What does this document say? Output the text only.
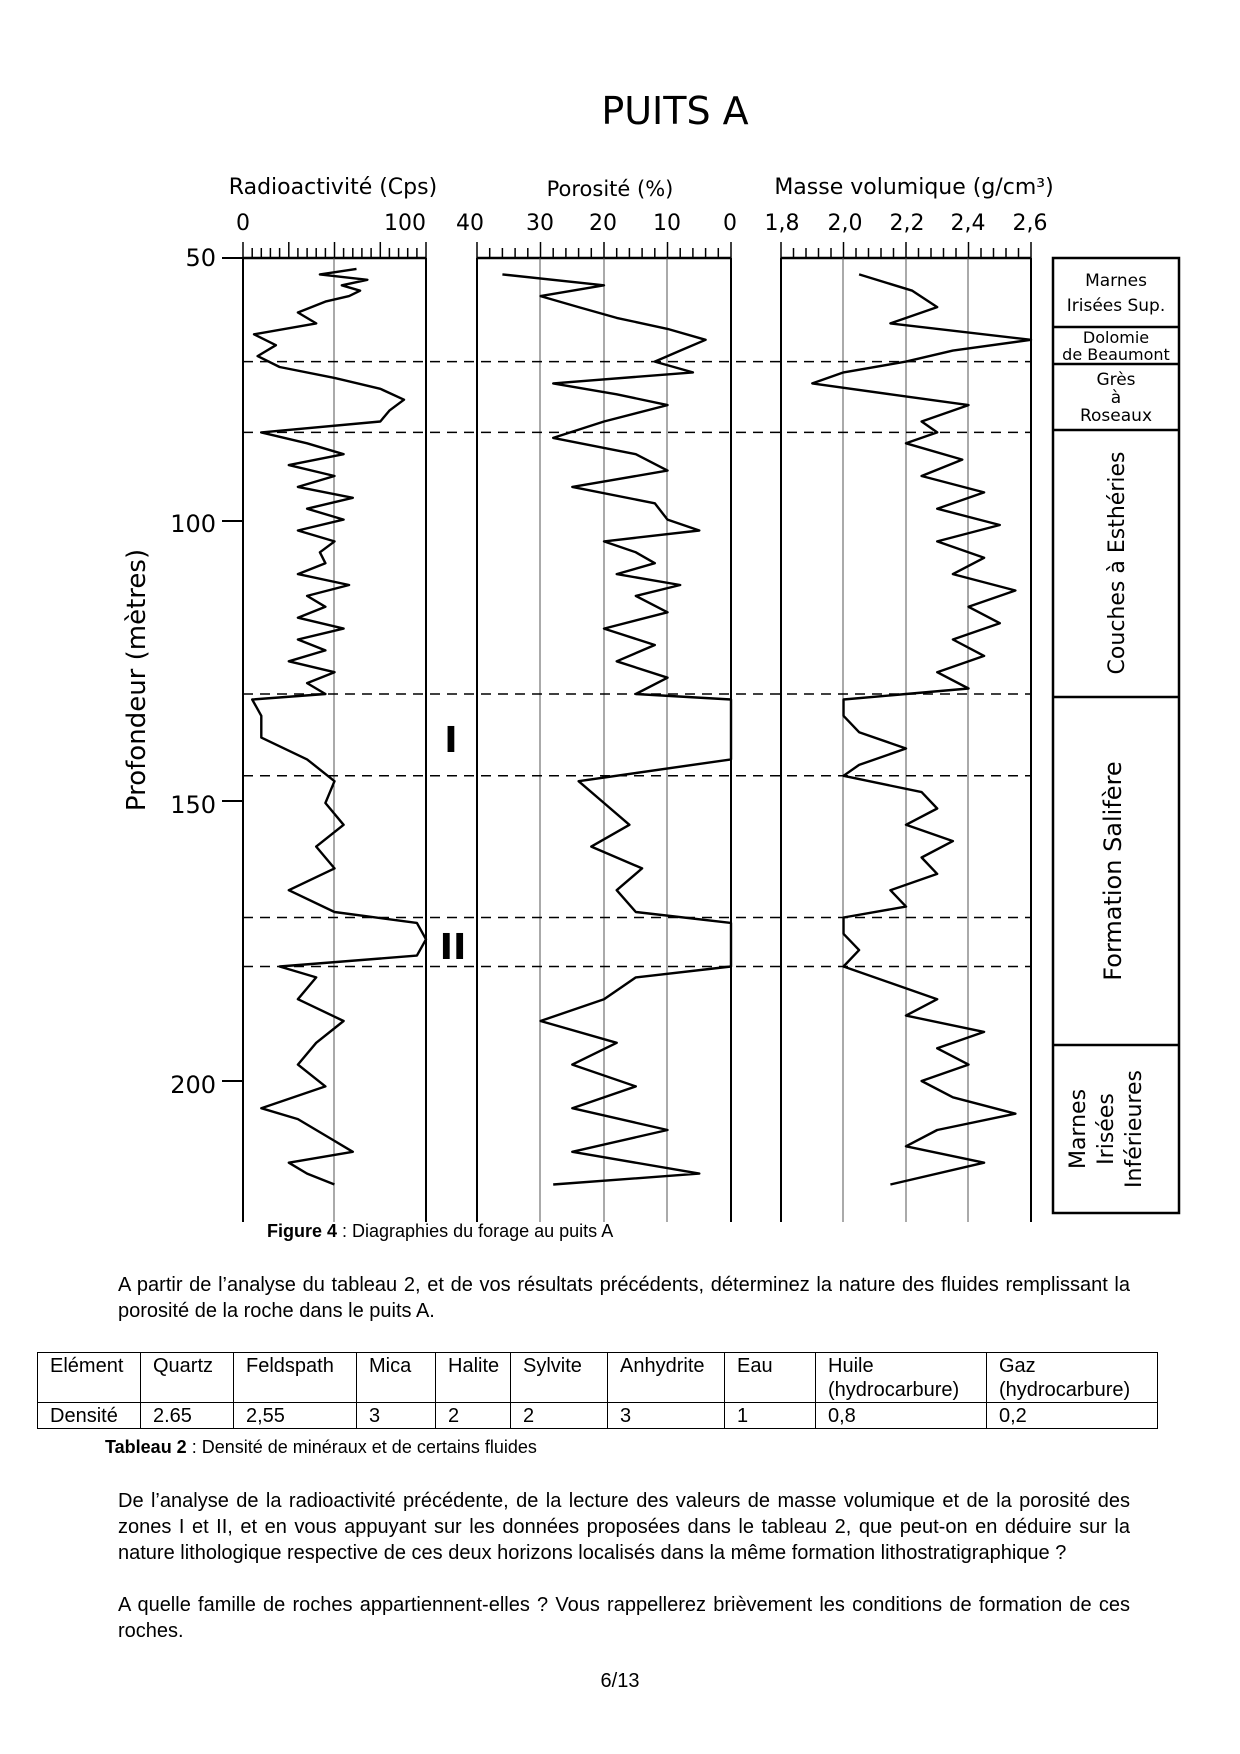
PUITS A
Radioactivité (Cps)	Porosité (%)	Masse volumique (g/cm³)
0	100 40 30 20 10 0 1,8 2,0 2,2 2,4 2,6
Profondeur (mètres)
50
100
150
200
I
II
Marnes Irisées Sup.
Dolomie de Beaumont
Grès à Roseaux
Couches à Esthéries
Formation Salifère
Marnes Irisées Inférieures
Figure 4 : Diagraphies du forage au puits A
A partir de l’analyse du tableau 2, et de vos résultats précédents, déterminez la nature des fluides remplissant la porosité de la roche dans le puits A.
Elément	Quartz	Feldspath	Mica	Halite	Sylvite	Anhydrite	Eau	Huile (hydrocarbure)	Gaz (hydrocarbure)
Densité	2.65	2,55	3	2	2	3	1	0,8	0,2
Tableau 2 : Densité de minéraux et de certains fluides
De l’analyse de la radioactivité précédente, de la lecture des valeurs de masse volumique et de la porosité des zones I et II, et en vous appuyant sur les données proposées dans le tableau 2, que peut-on en déduire sur la nature lithologique respective de ces deux horizons localisés dans la même formation lithostratigraphique ?
A quelle famille de roches appartiennent-elles ? Vous rappellerez brièvement les conditions de formation de ces roches.
6/13
